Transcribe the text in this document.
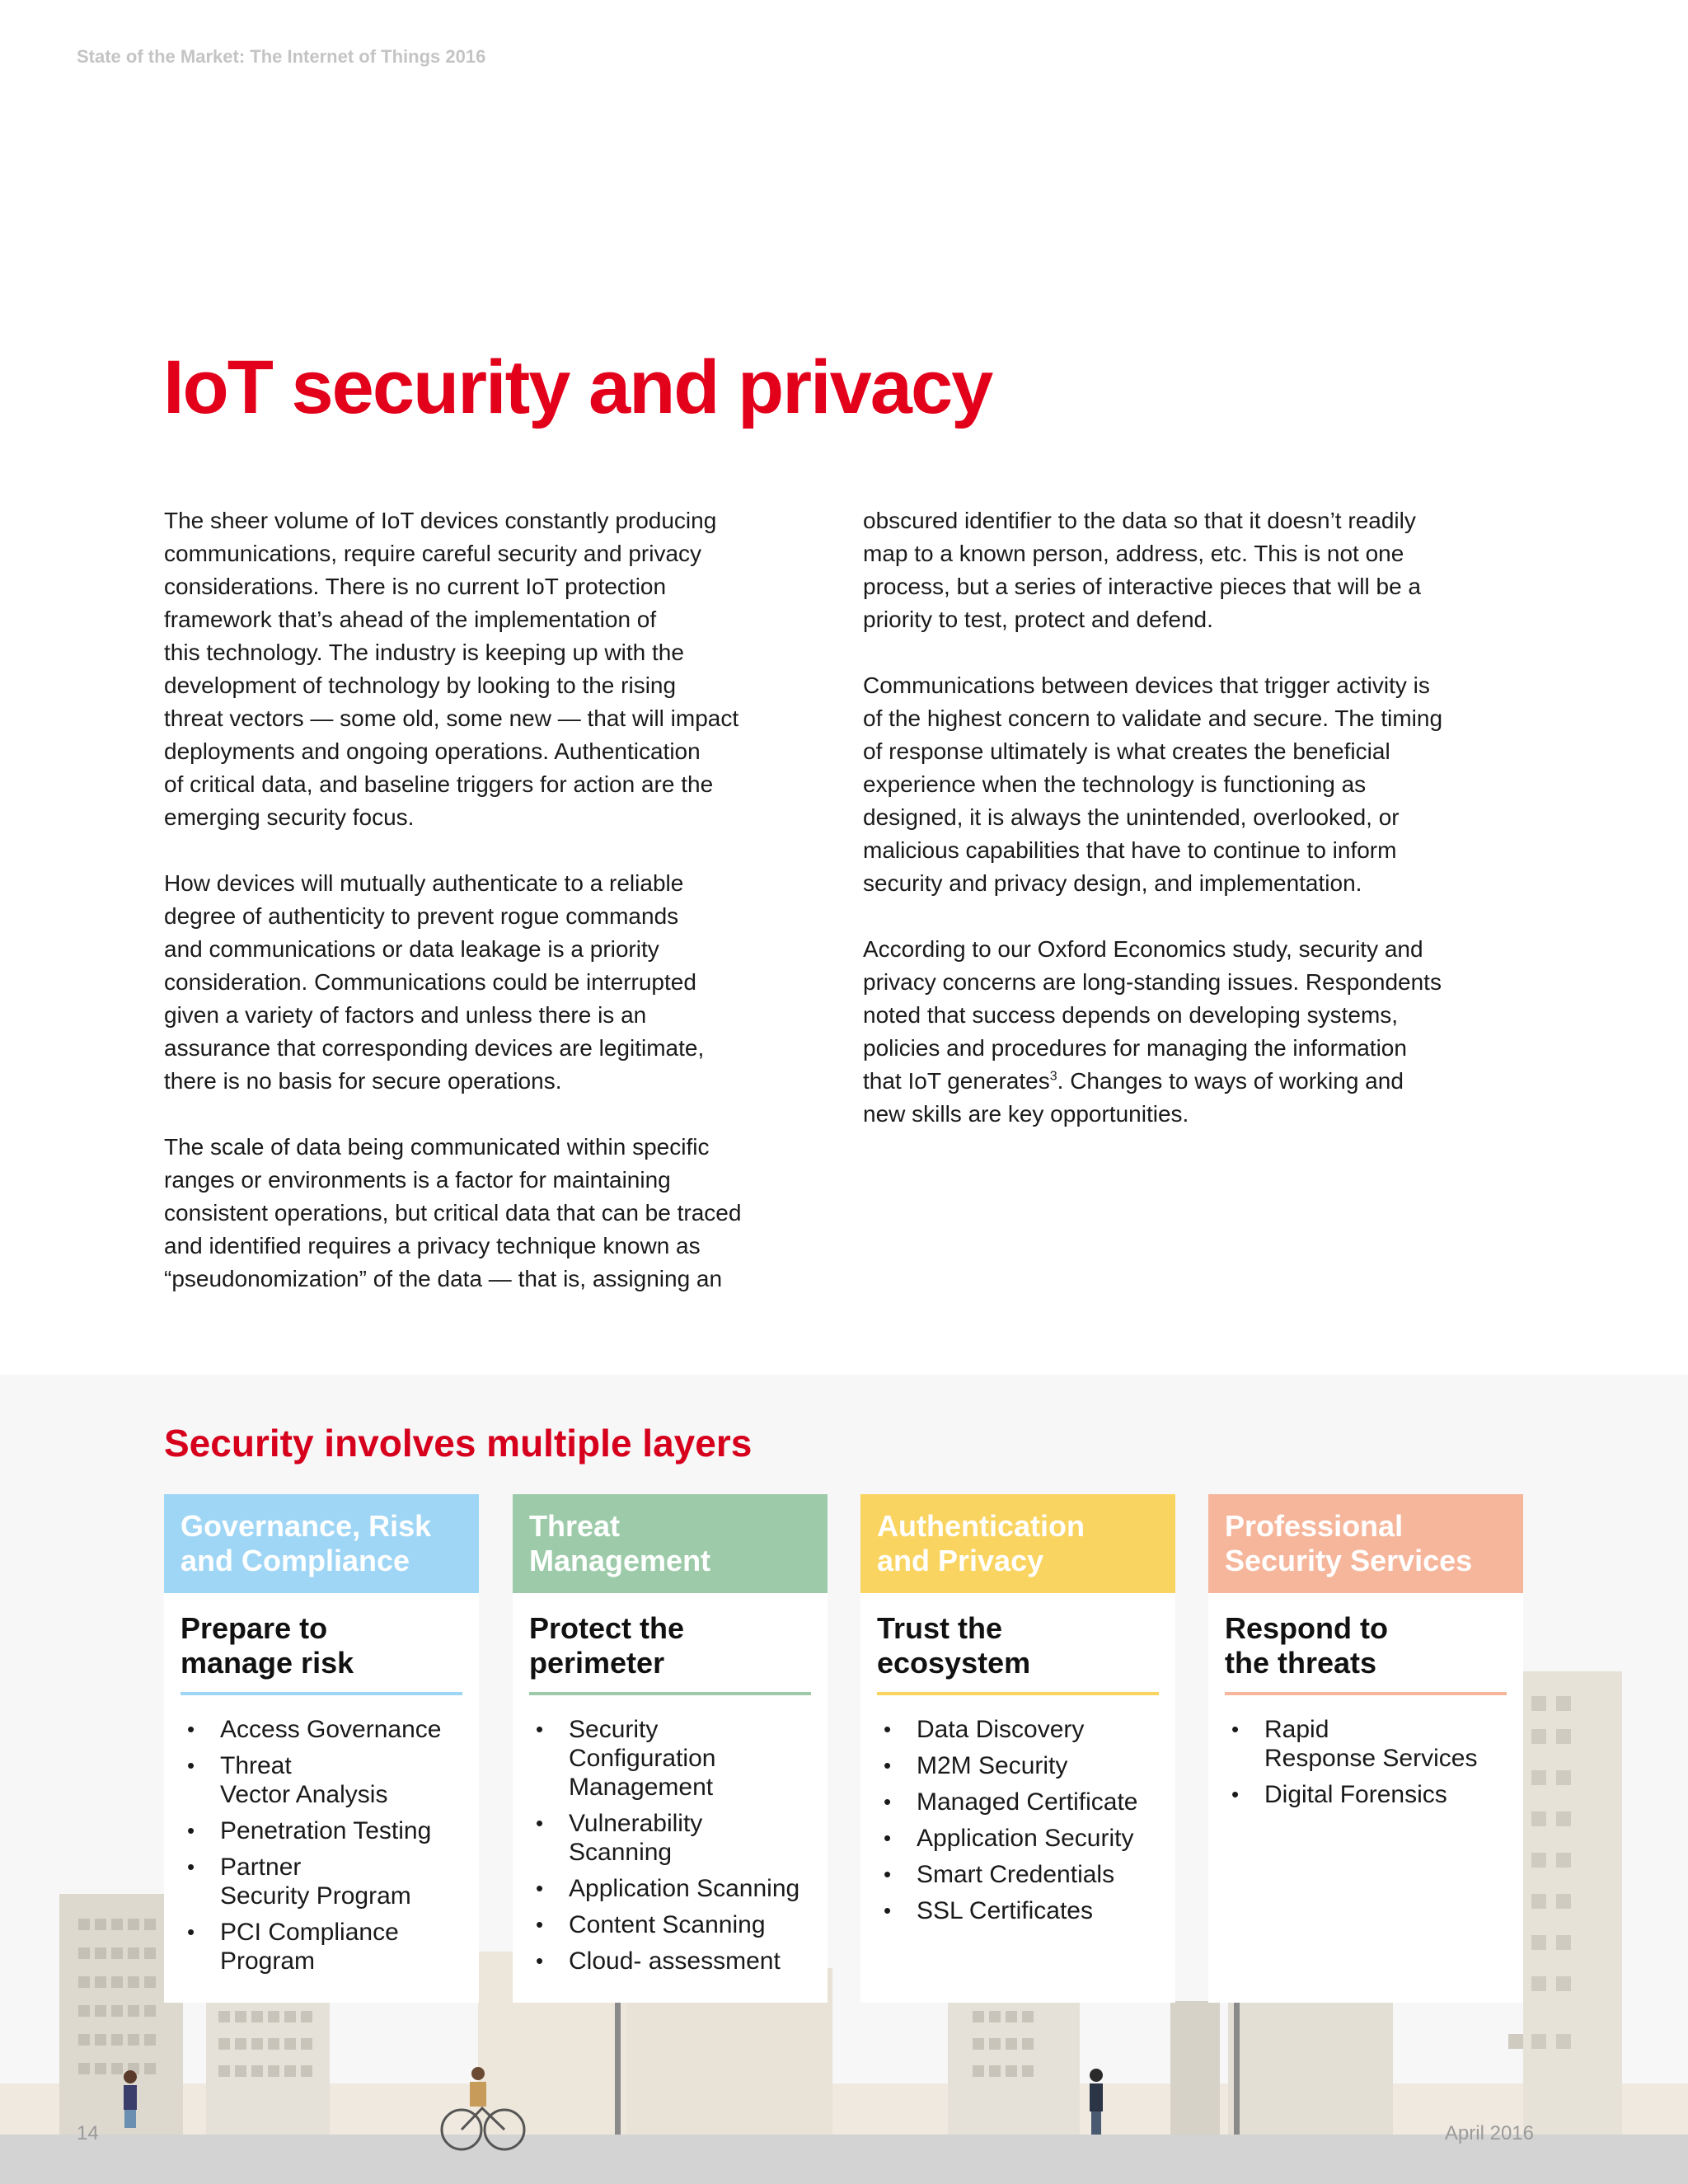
State of the Market: The Internet of Things 2016
IoT security and privacy

The sheer volume of IoT devices constantly producing
communications, require careful security and privacy
considerations. There is no current IoT protection
framework that’s ahead of the implementation of
this technology. The industry is keeping up with the
development of technology by looking to the rising
threat vectors — some old, some new — that will impact
deployments and ongoing operations. Authentication
of critical data, and baseline triggers for action are the
emerging security focus.

How devices will mutually authenticate to a reliable
degree of authenticity to prevent rogue commands
and communications or data leakage is a priority
consideration. Communications could be interrupted
given a variety of factors and unless there is an
assurance that corresponding devices are legitimate,
there is no basis for secure operations.

The scale of data being communicated within specific
ranges or environments is a factor for maintaining
consistent operations, but critical data that can be traced
and identified requires a privacy technique known as
“pseudonomization” of the data — that is, assigning an

obscured identifier to the data so that it doesn’t readily
map to a known person, address, etc. This is not one
process, but a series of interactive pieces that will be a
priority to test, protect and defend.

Communications between devices that trigger activity is
of the highest concern to validate and secure. The timing
of response ultimately is what creates the beneficial
experience when the technology is functioning as
designed, it is always the unintended, overlooked, or
malicious capabilities that have to continue to inform
security and privacy design, and implementation.

According to our Oxford Economics study, security and
privacy concerns are long-standing issues. Respondents
noted that success depends on developing systems,
policies and procedures for managing the information
that IoT generates$^3$. Changes to ways of working and
new skills are key opportunities.

Security involves multiple layers
Governance, Risk
and Compliance
Prepare to
manage risk
• Access Governance
• Threat
Vector Analysis
• Penetration Testing
• Partner
Security Program
• PCI Compliance
Program
Threat
Management
Protect the
perimeter
• Security
Configuration
Management
• Vulnerability
Scanning
• Application Scanning
• Content Scanning
• Cloud- assessment
Authentication
and Privacy
Trust the
ecosystem
• Data Discovery
• M2M Security
• Managed Certificate
• Application Security
• Smart Credentials
• SSL Certificates
Professional
Security Services
Respond to
the threats
• Rapid
Response Services
• Digital Forensics
14	April 2016
